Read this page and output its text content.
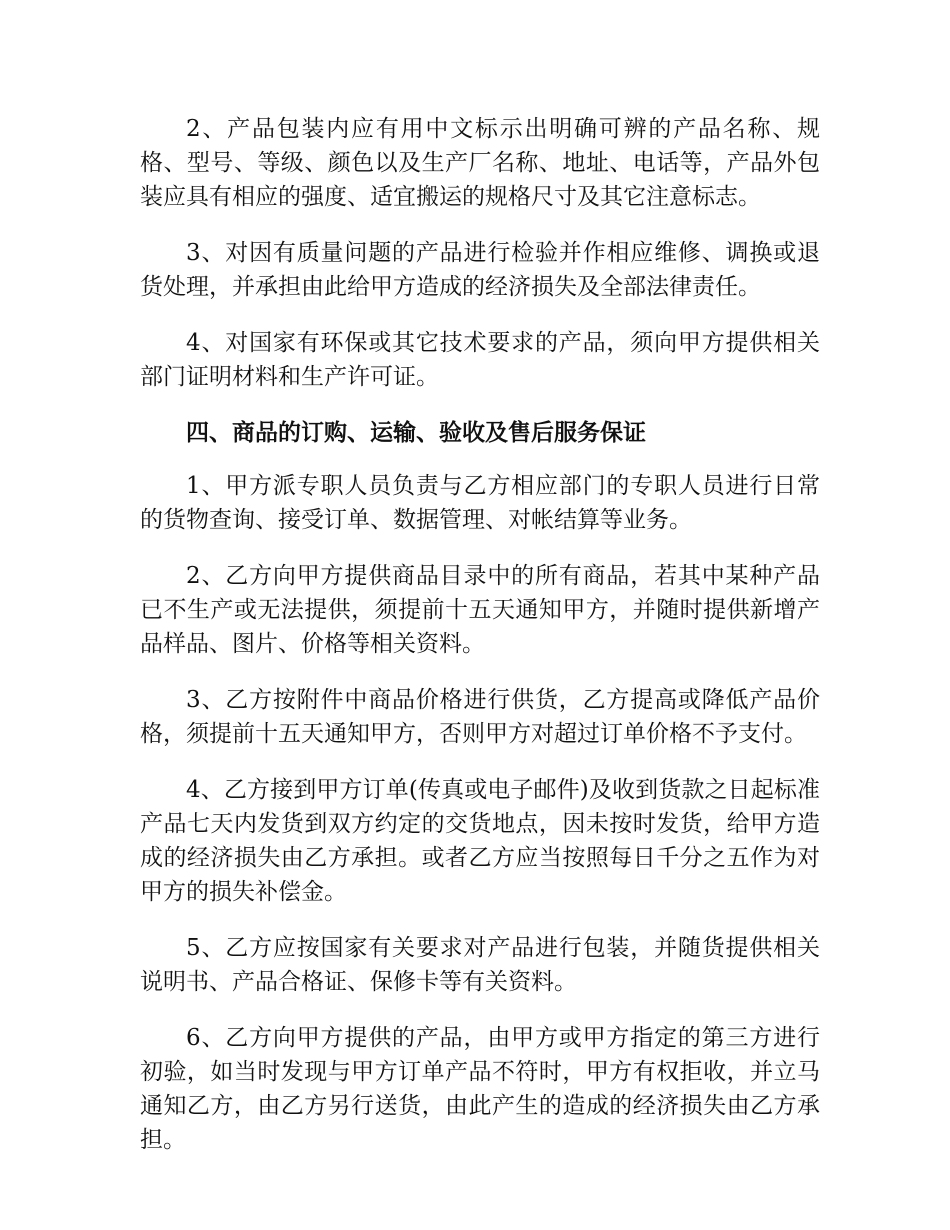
2、产品包装内应有用中文标示出明确可辨的产品名称、规格、型号、等级、颜色以及生产厂名称、地址、电话等，产品外包装应具有相应的强度、适宜搬运的规格尺寸及其它注意标志。

3、对因有质量问题的产品进行检验并作相应维修、调换或退货处理，并承担由此给甲方造成的经济损失及全部法律责任。

4、对国家有环保或其它技术要求的产品，须向甲方提供相关部门证明材料和生产许可证。

四、商品的订购、运输、验收及售后服务保证

1、甲方派专职人员负责与乙方相应部门的专职人员进行日常的货物查询、接受订单、数据管理、对帐结算等业务。

2、乙方向甲方提供商品目录中的所有商品，若其中某种产品已不生产或无法提供，须提前十五天通知甲方，并随时提供新增产品样品、图片、价格等相关资料。

3、乙方按附件中商品价格进行供货，乙方提高或降低产品价格，须提前十五天通知甲方，否则甲方对超过订单价格不予支付。

4、乙方接到甲方订单(传真或电子邮件)及收到货款之日起标准产品七天内发货到双方约定的交货地点，因未按时发货，给甲方造成的经济损失由乙方承担。或者乙方应当按照每日千分之五作为对甲方的损失补偿金。

5、乙方应按国家有关要求对产品进行包装，并随货提供相关说明书、产品合格证、保修卡等有关资料。

6、乙方向甲方提供的产品，由甲方或甲方指定的第三方进行初验，如当时发现与甲方订单产品不符时，甲方有权拒收，并立马通知乙方，由乙方另行送货，由此产生的造成的经济损失由乙方承担。
